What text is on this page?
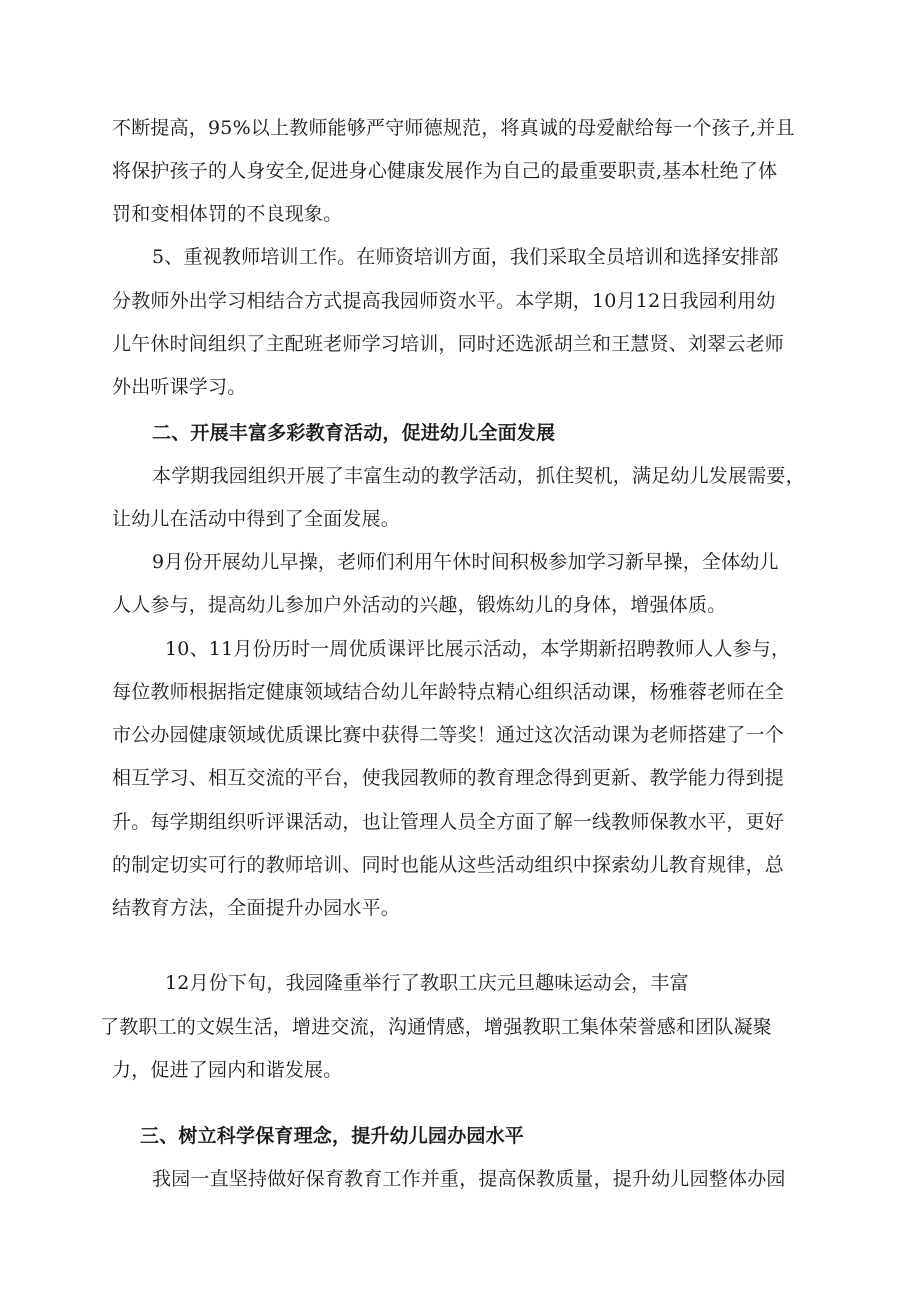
不断提高，95%以上教师能够严守师德规范，将真诚的母爱献给每一个孩子,并且
将保护孩子的人身安全,促进身心健康发展作为自己的最重要职责,基本杜绝了体
罚和变相体罚的不良现象。
5、重视教师培训工作。在师资培训方面，我们采取全员培训和选择安排部
分教师外出学习相结合方式提高我园师资水平。本学期，10月12日我园利用幼
儿午休时间组织了主配班老师学习培训，同时还选派胡兰和王慧贤、刘翠云老师
外出听课学习。
二、开展丰富多彩教育活动，促进幼儿全面发展
本学期我园组织开展了丰富生动的教学活动，抓住契机，满足幼儿发展需要，
让幼儿在活动中得到了全面发展。
9月份开展幼儿早操，老师们利用午休时间积极参加学习新早操，全体幼儿
人人参与，提高幼儿参加户外活动的兴趣，锻炼幼儿的身体，增强体质。
10、11月份历时一周优质课评比展示活动，本学期新招聘教师人人参与，
每位教师根据指定健康领域结合幼儿年龄特点精心组织活动课，杨雅蓉老师在全
市公办园健康领域优质课比赛中获得二等奖！通过这次活动课为老师搭建了一个
相互学习、相互交流的平台，使我园教师的教育理念得到更新、教学能力得到提
升。每学期组织听评课活动，也让管理人员全方面了解一线教师保教水平，更好
的制定切实可行的教师培训、同时也能从这些活动组织中探索幼儿教育规律，总
结教育方法，全面提升办园水平。
12月份下旬，我园隆重举行了教职工庆元旦趣味运动会，丰富
了教职工的文娱生活，增进交流，沟通情感，增强教职工集体荣誉感和团队凝聚
力，促进了园内和谐发展。
三、树立科学保育理念，提升幼儿园办园水平
我园一直坚持做好保育教育工作并重，提高保教质量，提升幼儿园整体办园
